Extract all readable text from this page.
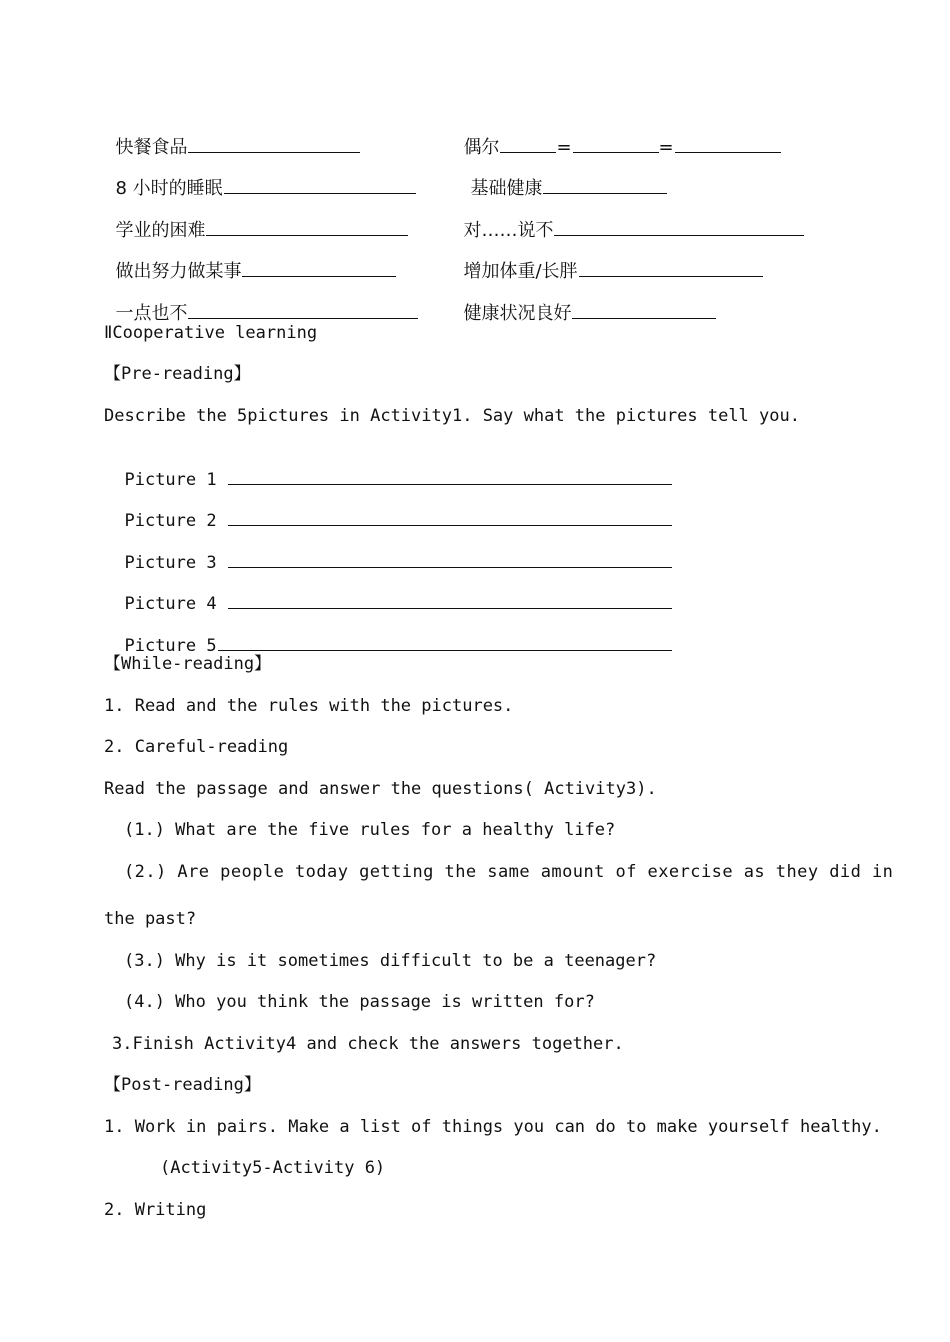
快餐食品	偶尔	=	=

8 小时的睡眠	基础健康

学业的困难	对……说不

做出努力做某事	增加体重/长胖

一点也不	健康状况良好

ⅡCooperative learning
【Pre-reading】
Describe the 5pictures in Activity1. Say what the pictures tell you.

Picture 1

Picture 2

Picture 3

Picture 4

Picture 5

【While-reading】
1. Read and the rules with the pictures.
2. Careful-reading
Read the passage and answer the questions( Activity3).
(1.) What are the five rules for a healthy life?
(2.) Are people today getting the same amount of exercise as they did in
the past?
(3.) Why is it sometimes difficult to be a teenager?
(4.) Who you think the passage is written for?
3.Finish Activity4 and check the answers together.
【Post-reading】
1. Work in pairs. Make a list of things you can do to make yourself healthy.
(Activity5-Activity 6)
2. Writing
